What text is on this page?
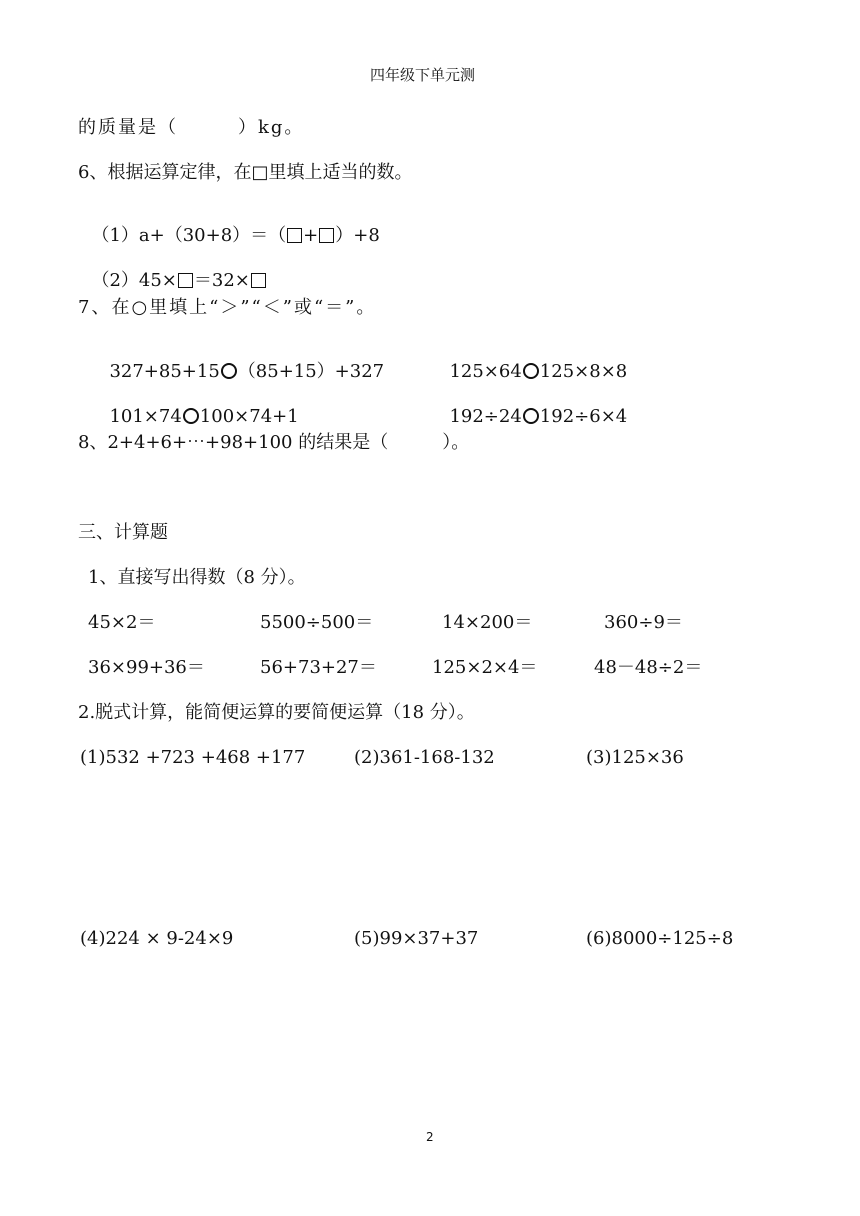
四年级下单元测
的质量是（　　　）kg。
6、根据运算定律，在□里填上适当的数。

（1）a+（30+8）＝（ + ）+8

（2）45× ＝32×

7、在○里填上“＞”“＜”或“＝”。

327+85+15 （85+15）+327	125×64 125×8×8

101×74 100×74+1	192÷24 192÷6×4

8、2+4+6+⋯+98+100 的结果是（　　　）。
三、计算题
1、直接写出得数（8 分）。
45×2＝	5500÷500＝	14×200＝	360÷9＝
36×99+36＝	56+73+27＝	125×2×4＝	48－48÷2＝
2.脱式计算，能简便运算的要简便运算（18 分）。
(1)532 +723 +468 +177	(2)361-168-132	(3)125×36
(4)224 × 9-24×9	(5)99×37+37	(6)8000÷125÷8
2
